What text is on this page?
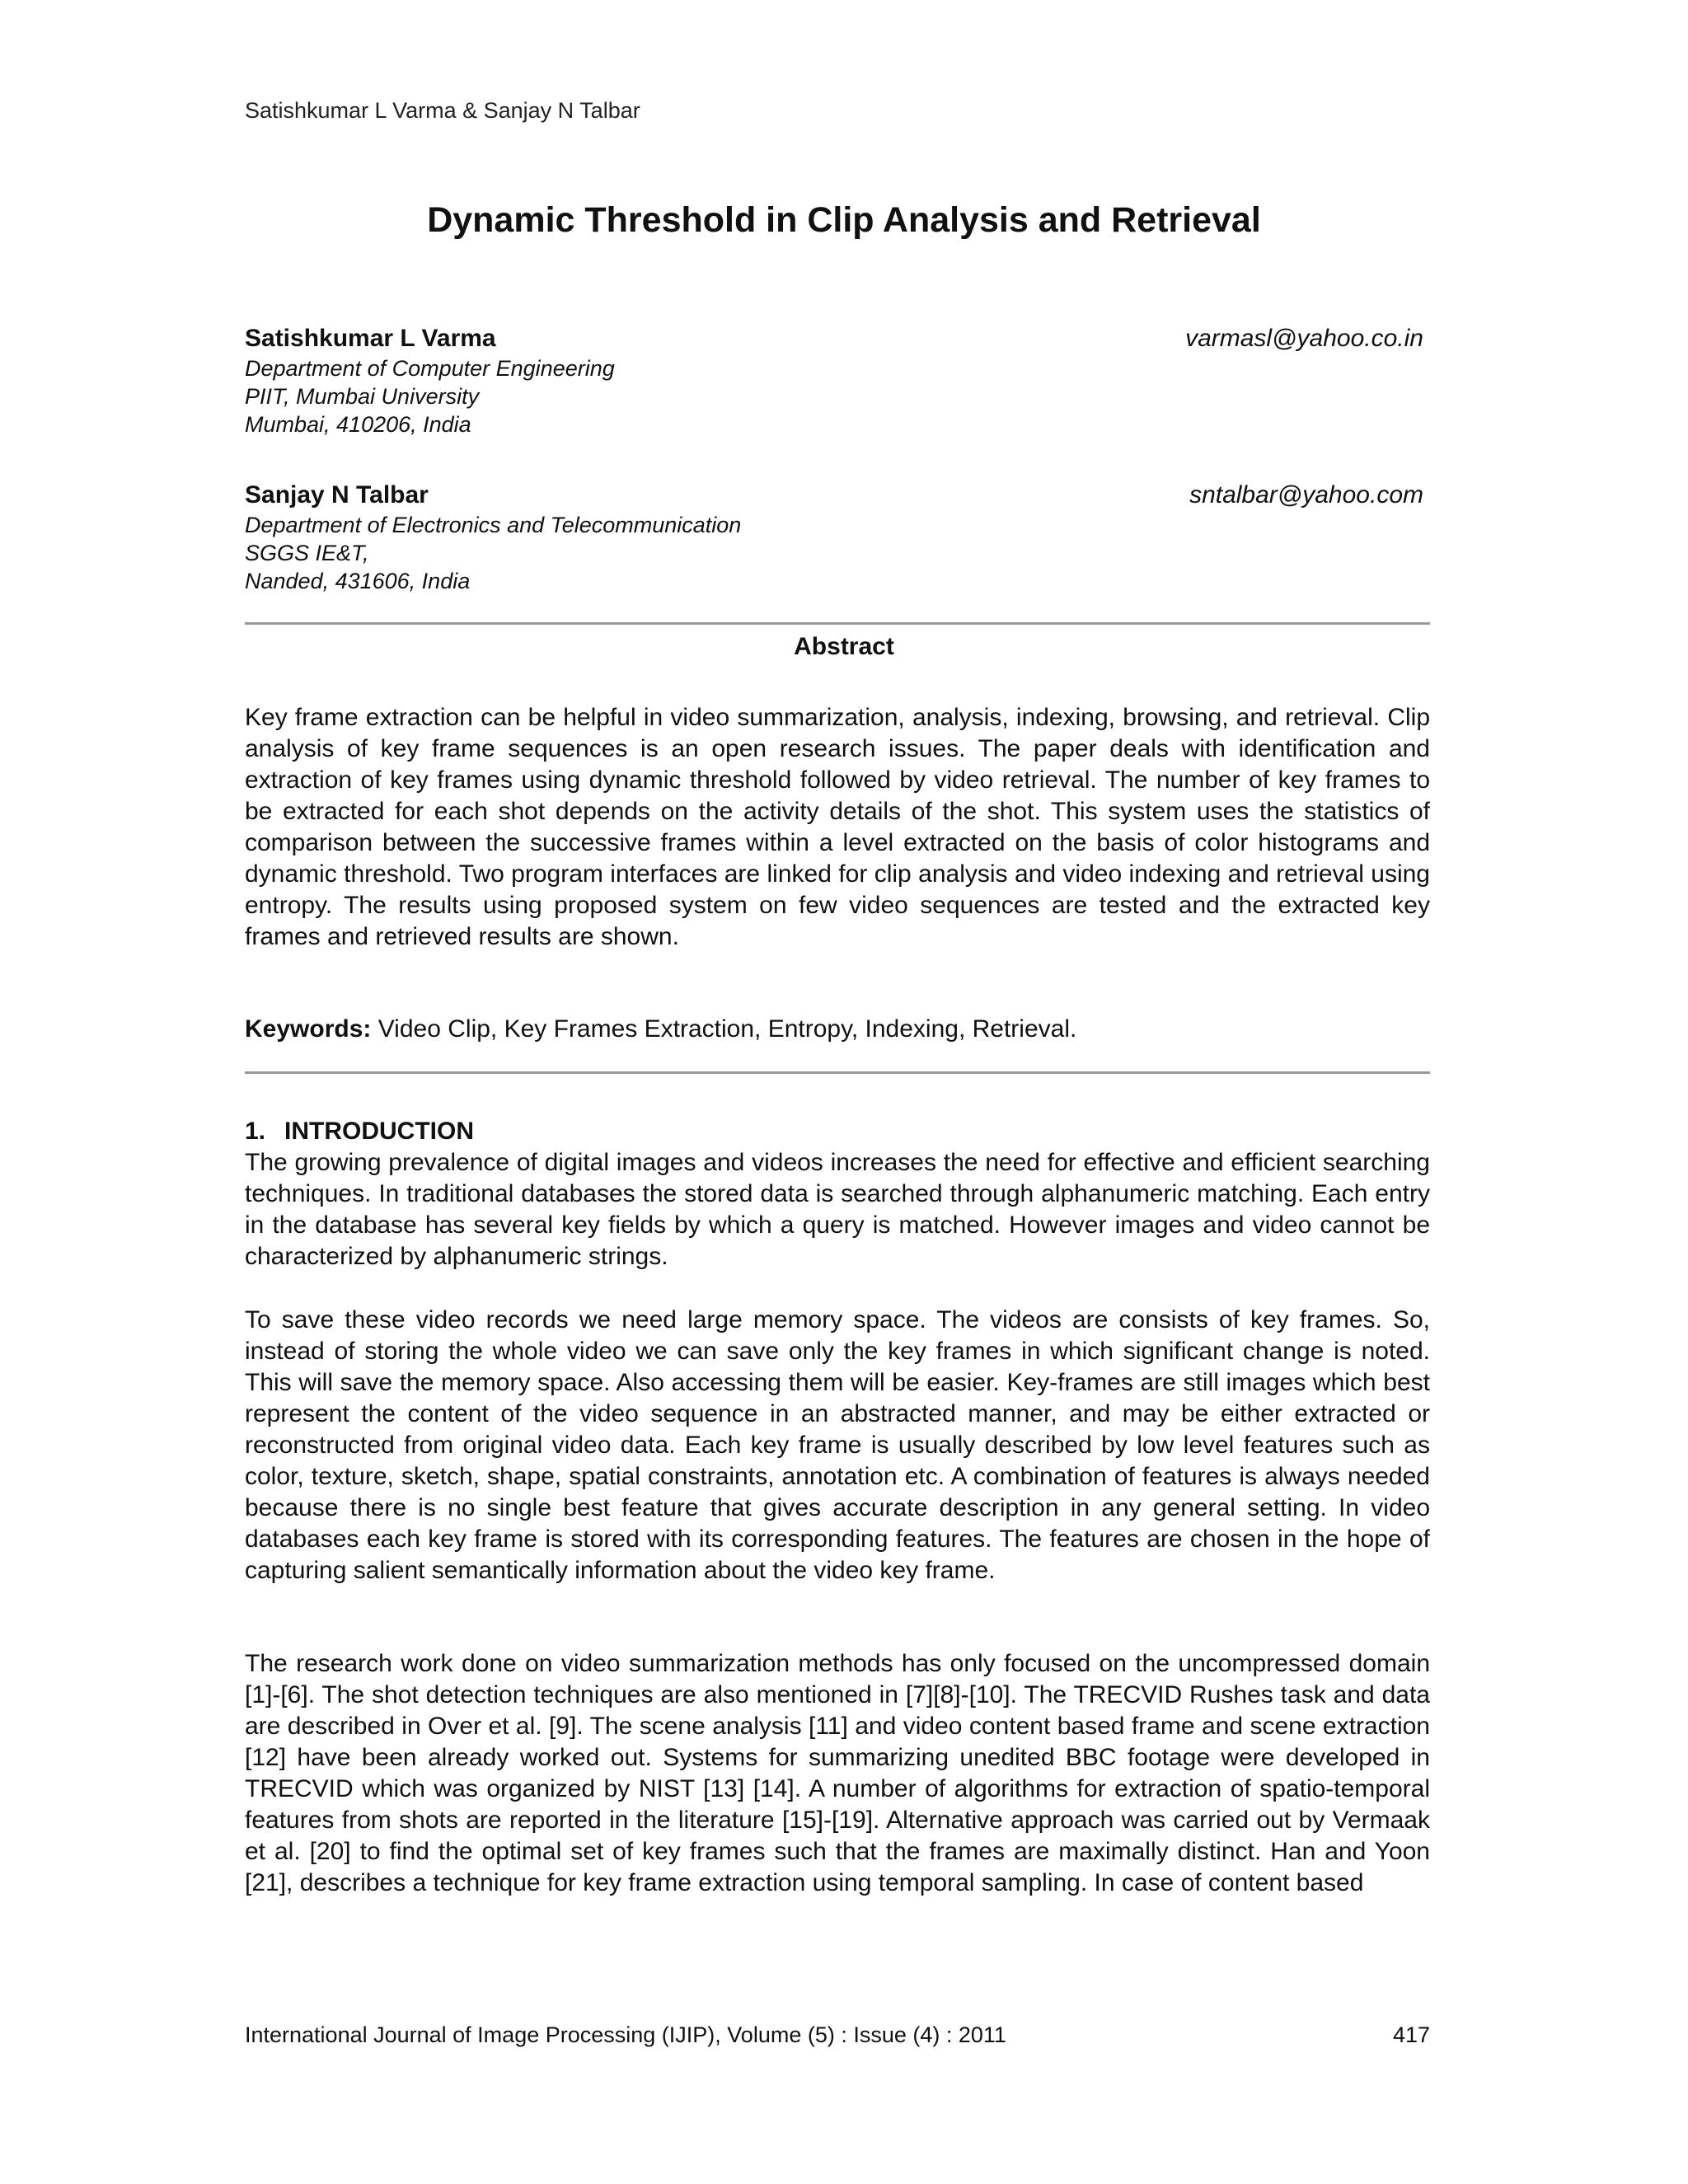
Satishkumar L Varma & Sanjay N Talbar
Dynamic Threshold in Clip Analysis and Retrieval
Satishkumar L Varma	varmasl@yahoo.co.in
Department of Computer Engineering
PIIT, Mumbai University
Mumbai, 410206, India
Sanjay N Talbar	sntalbar@yahoo.com
Department of Electronics and Telecommunication
SGGS IE&T,
Nanded, 431606, India
Abstract

Key frame extraction can be helpful in video summarization, analysis, indexing, browsing, and retrieval. Clip analysis of key frame sequences is an open research issues. The paper deals with identification and extraction of key frames using dynamic threshold followed by video retrieval. The number of key frames to be extracted for each shot depends on the activity details of the shot. This system uses the statistics of comparison between the successive frames within a level extracted on the basis of color histograms and dynamic threshold. Two program interfaces are linked for clip analysis and video indexing and retrieval using entropy. The results using proposed system on few video sequences are tested and the extracted key frames and retrieved results are shown.

Keywords: Video Clip, Key Frames Extraction, Entropy, Indexing, Retrieval.

1. INTRODUCTION

The growing prevalence of digital images and videos increases the need for effective and efficient searching techniques. In traditional databases the stored data is searched through alphanumeric matching. Each entry in the database has several key fields by which a query is matched. However images and video cannot be characterized by alphanumeric strings.

To save these video records we need large memory space. The videos are consists of key frames. So, instead of storing the whole video we can save only the key frames in which significant change is noted. This will save the memory space. Also accessing them will be easier. Key-frames are still images which best represent the content of the video sequence in an abstracted manner, and may be either extracted or reconstructed from original video data. Each key frame is usually described by low level features such as color, texture, sketch, shape, spatial constraints, annotation etc. A combination of features is always needed because there is no single best feature that gives accurate description in any general setting. In video databases each key frame is stored with its corresponding features. The features are chosen in the hope of capturing salient semantically information about the video key frame.

The research work done on video summarization methods has only focused on the uncompressed domain [1]-[6]. The shot detection techniques are also mentioned in [7][8]-[10]. The TRECVID Rushes task and data are described in Over et al. [9]. The scene analysis [11] and video content based frame and scene extraction [12] have been already worked out. Systems for summarizing unedited BBC footage were developed in TRECVID which was organized by NIST [13] [14]. A number of algorithms for extraction of spatio-temporal features from shots are reported in the literature [15]-[19]. Alternative approach was carried out by Vermaak et al. [20] to find the optimal set of key frames such that the frames are maximally distinct. Han and Yoon [21], describes a technique for key frame extraction using temporal sampling. In case of content based

International Journal of Image Processing (IJIP), Volume (5) : Issue (4) : 2011	417
